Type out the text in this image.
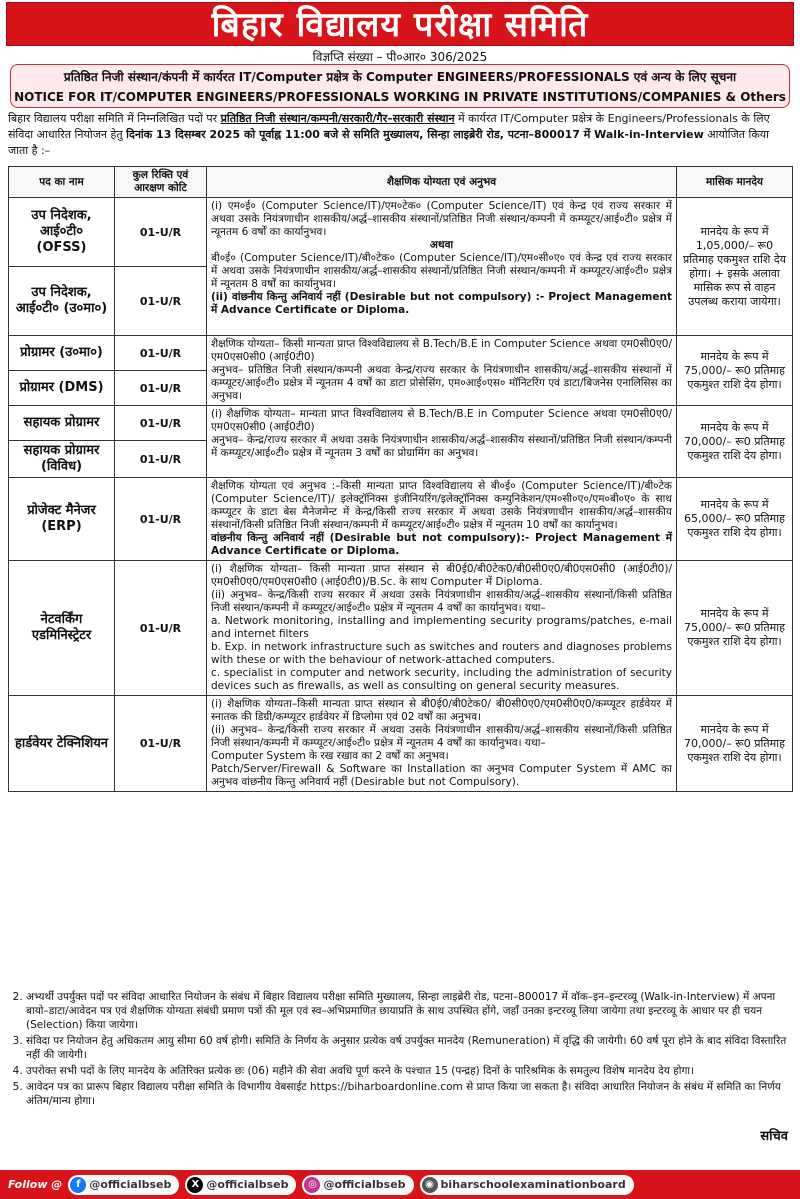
बिहार विद्यालय परीक्षा समिति
विज्ञप्ति संख्या – पी०आर० 306/2025
प्रतिष्ठित निजी संस्थान/कंपनी में कार्यरत IT/Computer प्रक्षेत्र के Computer ENGINEERS/PROFESSIONALS एवं अन्य के लिए सूचना
NOTICE FOR IT/COMPUTER ENGINEERS/PROFESSIONALS WORKING IN PRIVATE INSTITUTIONS/COMPANIES & Others
बिहार विद्यालय परीक्षा समिति में निम्नलिखित पदों पर प्रतिष्ठित निजी संस्थान/कम्पनी/सरकारी/गैर–सरकारी संस्थान में कार्यरत IT/Computer प्रक्षेत्र के Engineers/Professionals के लिए संविदा आधारित नियोजन हेतु दिनांक 13 दिसम्बर 2025 को पूर्वाह्न 11:00 बजे से समिति मुख्यालय, सिन्हा लाइब्रेरी रोड, पटना–800017 में Walk-in-Interview आयोजित किया जाता है :–
पद का नाम	कुल रिक्ति एवं आरक्षण कोटि	शैक्षणिक योग्यता एवं अनुभव	मासिक मानदेय
उप निदेशक, आई०टी० (OFSS)	01-U/R	(i) एम०ई० (Computer Science/IT)/एम०टेक० (Computer Science/IT) एवं केन्द्र एवं राज्य सरकार में अथवा उसके नियंत्रणाधीन शासकीय/अर्द्ध–शासकीय संस्थानों/प्रतिष्ठित निजी संस्थान/कम्पनी में कम्प्यूटर/आई०टी० प्रक्षेत्र में न्यूनतम 6 वर्षों का कार्यानुभव।
अथवा
बी०ई० (Computer Science/IT)/बी०टेक० (Computer Science/IT)/एम०सी०ए० एवं केन्द्र एवं राज्य सरकार में अथवा उसके नियंत्रणाधीन शासकीय/अर्द्ध–शासकीय संस्थानों/प्रतिष्ठित निजी संस्थान/कम्पनी में कम्प्यूटर/आई०टी० प्रक्षेत्र में न्यूनतम 8 वर्षों का कार्यानुभव।
(ii) वांछनीय किन्तु अनिवार्य नहीं (Desirable but not compulsory) :- Project Management में Advance Certificate or Diploma.	मानदेय के रूप में 1,05,000/– रू0 प्रतिमाह एकमुश्त राशि देय होगा। + इसके अलावा मासिक रूप से वाहन उपलब्ध कराया जायेगा।
उप निदेशक, आई०टी० (उ०मा०)	01-U/R		
प्रोग्रामर (उ०मा०)	01-U/R	शैक्षणिक योग्यता– किसी मान्यता प्राप्त विश्वविद्यालय से B.Tech/B.E in Computer Science अथवा एम0सी0ए0/एम0एस0सी0 (आई0टी0)
अनुभव– प्रतिष्ठित निजी संस्थान/कम्पनी अथवा केन्द्र/राज्य सरकार के नियंत्रणाधीन शासकीय/अर्द्ध–शासकीय संस्थानों में कम्प्यूटर/आई०टी० प्रक्षेत्र में न्यूनतम 4 वर्षों का डाटा प्रोसेसिंग, एम०आई०एस० मॉनिटरिंग एवं डाटा/बिजनेस एनालिसिस का अनुभव।	मानदेय के रूप में 75,000/– रू0 प्रतिमाह एकमुश्त राशि देय होगा।
प्रोग्रामर (DMS)	01-U/R		
सहायक प्रोग्रामर	01-U/R	(i) शैक्षणिक योग्यता– मान्यता प्राप्त विश्वविद्यालय से B.Tech/B.E in Computer Science अथवा एम0सी0ए0/एम0एस0सी0 (आई0टी0)
अनुभव– केन्द्र/राज्य सरकार में अथवा उसके नियंत्रणाधीन शासकीय/अर्द्ध–शासकीय संस्थानों/प्रतिष्ठित निजी संस्थान/कम्पनी में कम्प्यूटर/आई०टी० प्रक्षेत्र में न्यूनतम 3 वर्षों का प्रोग्रामिंग का अनुभव।	मानदेय के रूप में 70,000/– रू0 प्रतिमाह एकमुश्त राशि देय होगा।
सहायक प्रोग्रामर (विविध)	01-U/R		
प्रोजेक्ट मैनेजर (ERP)	01-U/R	शैक्षणिक योग्यता एवं अनुभव :–किसी मान्यता प्राप्त विश्वविद्यालय से बी०ई० (Computer Science/IT)/बी०टेक (Computer Science/IT)/ इलेक्ट्रॉनिक्स इंजीनियरिंग/इलेक्ट्रॉनिक्स कम्युनिकेशन/एम०सी०ए०/एम०बी०ए० के साथ कम्प्यूटर के डाटा बेस मैनेजमेन्ट में केन्द्र/किसी राज्य सरकार में अथवा उसके नियंत्रणाधीन शासकीय/अर्द्ध–शासकीय संस्थानों/किसी प्रतिष्ठित निजी संस्थान/कम्पनी में कम्प्यूटर/आई०टी० प्रक्षेत्र में न्यूनतम 10 वर्षों का कार्यानुभव।
वांछनीय किन्तु अनिवार्य नहीं (Desirable but not compulsory):- Project Management में Advance Certificate or Diploma.	मानदेय के रूप में 65,000/– रू0 प्रतिमाह एकमुश्त राशि देय होगा।
नेटवर्किंग एडमिनिस्ट्रेटर	01-U/R	(i) शैक्षणिक योग्यता– किसी मान्यता प्राप्त संस्थान से बी0ई0/बी0टेक0/बी0सी0ए0/बी0एस0सी0 (आई0टी0)/एम0सी0ए0/एम0एस0सी0 (आई0टी0)/B.Sc. के साथ Computer में Diploma.
(ii) अनुभव– केन्द्र/किसी राज्य सरकार में अथवा उसके नियंत्रणाधीन शासकीय/अर्द्ध–शासकीय संस्थानों/किसी प्रतिष्ठित निजी संस्थान/कम्पनी में कम्प्यूटर/आई०टी० प्रक्षेत्र में न्यूनतम 4 वर्षों का कार्यानुभव। यथा–
a. Network monitoring, installing and implementing security programs/patches, e-mail and internet filters
b. Exp. in network infrastructure such as switches and routers and diagnoses problems with these or with the behaviour of network-attached computers.
c. specialist in computer and network security, including the administration of security devices such as firewalls, as well as consulting on general security measures.	मानदेय के रूप में 75,000/– रू0 प्रतिमाह एकमुश्त राशि देय होगा।
हार्डवेयर टेक्निशियन	01-U/R	(i) शैक्षणिक योग्यता–किसी मान्यता प्राप्त संस्थान से बी0ई0/बी0टेक0/ बी0सी0ए0/एम0सी0ए0/कम्प्यूटर हार्डवेयर में स्नातक की डिग्री/कम्प्यूटर हार्डवेयर में डिप्लोमा एवं 02 वर्षों का अनुभव।
(ii) अनुभव– केन्द्र/किसी राज्य सरकार में अथवा उसके नियंत्रणाधीन शासकीय/अर्द्ध–शासकीय संस्थानों/किसी प्रतिष्ठित निजी संस्थान/कम्पनी में कम्प्यूटर/आई०टी० प्रक्षेत्र में न्यूनतम 4 वर्षों का कार्यानुभव। यथा–
Computer System के रख रखाव का 2 वर्षों का अनुभव।
Patch/Server/Firewall & Software का Installation का अनुभव Computer System में AMC का अनुभव वांछनीय किन्तु अनिवार्य नहीं (Desirable but not Compulsory).	मानदेय के रूप में 70,000/– रू0 प्रतिमाह एकमुश्त राशि देय होगा।
2. अभ्यर्थी उपर्युक्त पदों पर संविदा आधारित नियोजन के संबंध में बिहार विद्यालय परीक्षा समिति मुख्यालय, सिन्हा लाइब्रेरी रोड, पटना–800017 में वॉक–इन–इन्टरव्यू (Walk-in-Interview) में अपना बायो–डाटा/आवेदन पत्र एवं शैक्षणिक योग्यता संबंधी प्रमाण पत्रों की मूल एवं स्व–अभिप्रमाणित छायाप्रति के साथ उपस्थित होंगे, जहाँ उनका इन्टरव्यू लिया जायेगा तथा इन्टरव्यू के आधार पर ही चयन (Selection) किया जायेगा।
3. संविदा पर नियोजन हेतु अधिकतम आयु सीमा 60 वर्ष होगी। समिति के निर्णय के अनुसार प्रत्येक वर्ष उपर्युक्त मानदेय (Remuneration) में वृद्धि की जायेगी। 60 वर्ष पूरा होने के बाद संविदा विस्तारित नहीं की जायेगी।
4. उपरोक्त सभी पदों के लिए मानदेय के अतिरिक्त प्रत्येक छः (06) महीने की सेवा अवधि पूर्ण करने के पश्चात 15 (पन्द्रह) दिनों के पारिश्रमिक के समतुल्य विशेष मानदेय देय होगा।
5. आवेदन पत्र का प्रारूप बिहार विद्यालय परीक्षा समिति के विभागीय वेबसाईट https://biharboardonline.com से प्राप्त किया जा सकता है। संविदा आधारित नियोजन के संबंध में समिति का निर्णय अंतिम/मान्य होगा।
सचिव
Follow @	f @officialbseb	X @officialbseb	◎ @officialbseb	◉ biharschoolexaminationboard
